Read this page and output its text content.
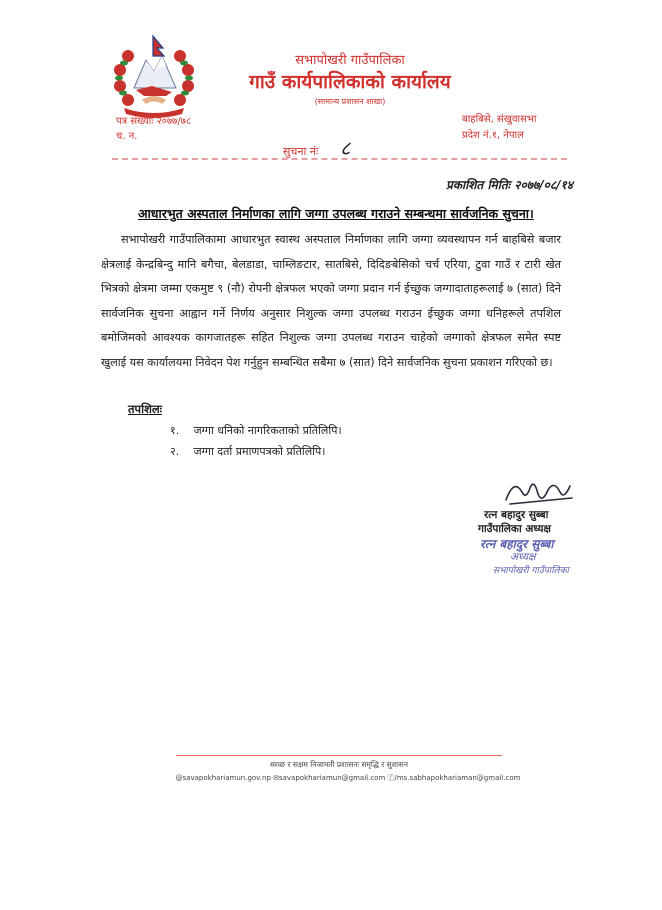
सभापोखरी गाउँपालिका
गाउँ कार्यपालिकाको कार्यालय
(सामान्य प्रशासन शाखा)
पत्र संख्याः २०७७/७८
च. न.
बाहबिसे, संखुवासभा
प्रदेश नं.१, नेपाल
सुचना नंः ८
प्रकाशित मितिः २०७७/०८/१४
आधारभुत अस्पताल निर्माणका लागि जग्गा उपलब्ध गराउने सम्बन्धमा सार्वजनिक सुचना।

सभापोखरी गाउँपालिकामा आधारभुत स्वास्थ अस्पताल निर्माणका लागि जग्गा व्यवस्थापन गर्न बाहबिसे बजार क्षेत्रलाई केन्द्रबिन्दु मानि बगैचा, बेलडाडा, चाम्लिङटार, सातबिसे, दिदिङबेसिको चर्च एरिया, टुवा गाउँ र टारी खेत भित्रको क्षेत्रमा जम्मा एकमुष्ट ९ (नौ) रोपनी क्षेत्रफल भएको जग्गा प्रदान गर्न ईच्छुक जग्गादाताहरूलाई ७ (सात) दिने सार्वजनिक सुचना आह्वान गर्ने निर्णय अनुसार निशुल्क जग्गा उपलब्ध गराउन ईच्छुक जग्गा धनिहरूले तपशिल बमोजिमको आवश्यक कागजातहरू सहित निशुल्क जग्गा उपलब्ध गराउन चाहेको जग्गाको क्षेत्रफल समेत स्पष्ट खुलाई यस कार्यालयमा निवेदन पेश गर्नुहुन सम्बन्धित सबैमा ७ (सात) दिने सार्वजनिक सुचना प्रकाशन गरिएको छ।

तपशिलः
१. जग्गा धनिको नागरिकताको प्रतिलिपि।
२. जग्गा दर्ता प्रमाणपत्रको प्रतिलिपि।
रत्न बहादुर सुब्बा
गाउँपालिका अध्यक्ष
रत्न बहादुर सुब्बा
अध्यक्ष
सभापोखरी गाउँपालिका
स्वच्छ र सक्षम निजामती प्रशासनः समृद्धि र सुशासन
@savapokhariamun.gov.np ✉savapokhariamun@gmail.com ⓕ/ms.sabhapokhariaman@gmail.com
